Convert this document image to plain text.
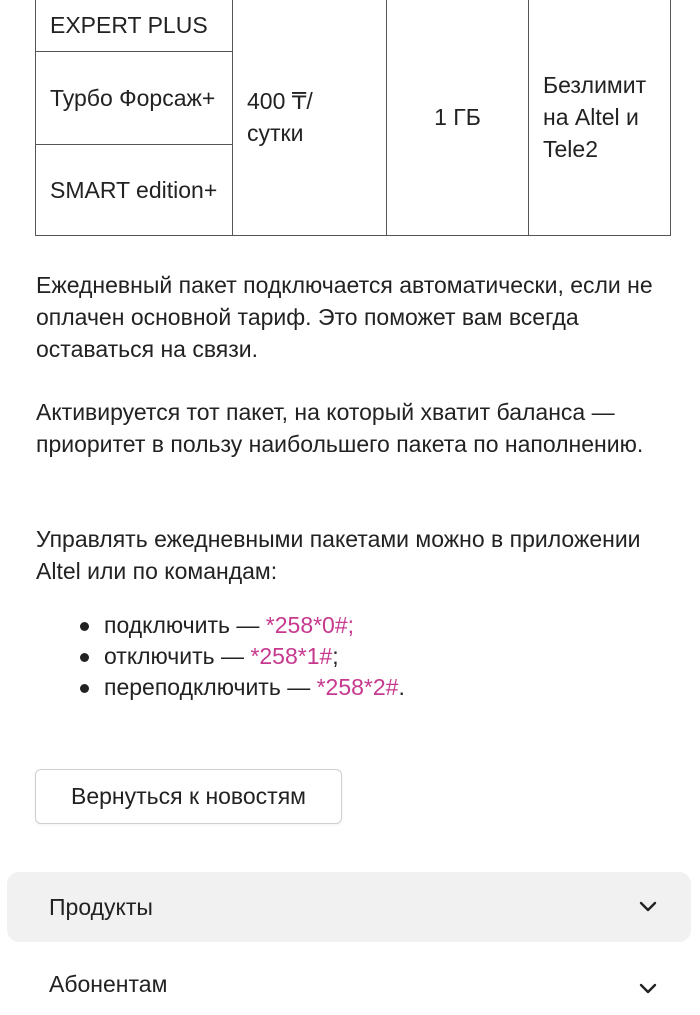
EXPERT PLUS	400 ₸/ сутки	1 ГБ	Безлимит на Altel и Tele2
Турбо Форсаж+
SMART edition+

Ежедневный пакет подключается автоматически, если не оплачен основной тариф. Это поможет вам всегда оставаться на связи.

Активируется тот пакет, на который хватит баланса — приоритет в пользу наибольшего пакета по наполнению.

Управлять ежедневными пакетами можно в приложении Altel или по командам:

подключить — *258*0#;
отключить — *258*1#;
переподключить — *258*2#.
Вернуться к новостям
Продукты
Абонентам
